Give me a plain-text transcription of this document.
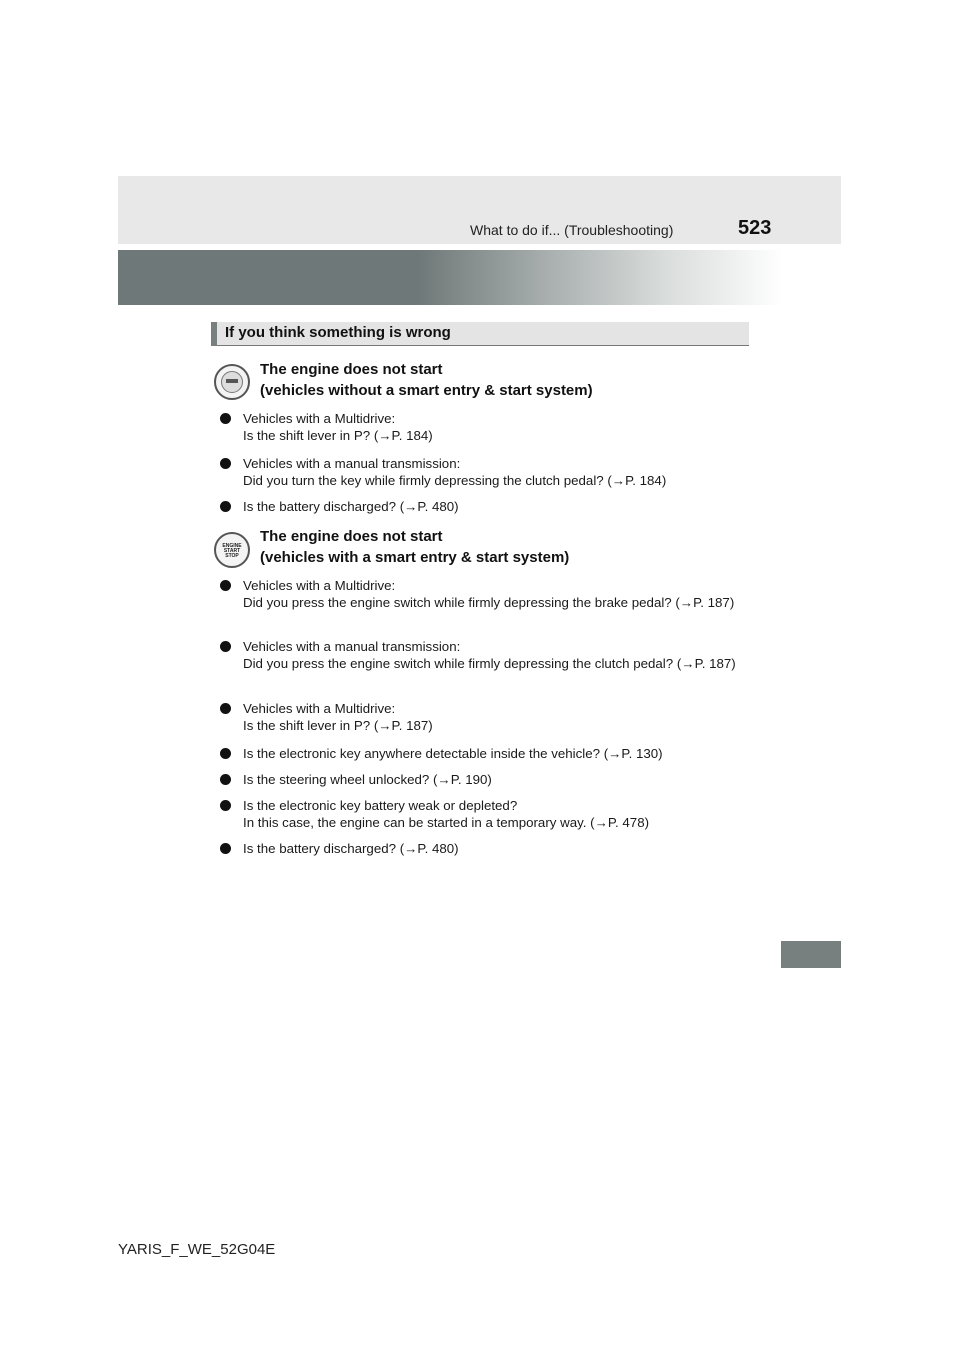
What to do if... (Troubleshooting)	523
If you think something is wrong
The engine does not start
(vehicles without a smart entry & start system)
Vehicles with a Multidrive:
Is the shift lever in P? (→P. 184)
Vehicles with a manual transmission:
Did you turn the key while firmly depressing the clutch pedal? (→P. 184)
Is the battery discharged? (→P. 480)
ENGINE
START
STOP
The engine does not start
(vehicles with a smart entry & start system)
Vehicles with a Multidrive:
Did you press the engine switch while firmly depressing the brake pedal? (→P. 187)
Vehicles with a manual transmission:
Did you press the engine switch while firmly depressing the clutch pedal? (→P. 187)
Vehicles with a Multidrive:
Is the shift lever in P? (→P. 187)
Is the electronic key anywhere detectable inside the vehicle? (→P. 130)
Is the steering wheel unlocked? (→P. 190)
Is the electronic key battery weak or depleted?
In this case, the engine can be started in a temporary way. (→P. 478)
Is the battery discharged? (→P. 480)
YARIS_F_WE_52G04E
